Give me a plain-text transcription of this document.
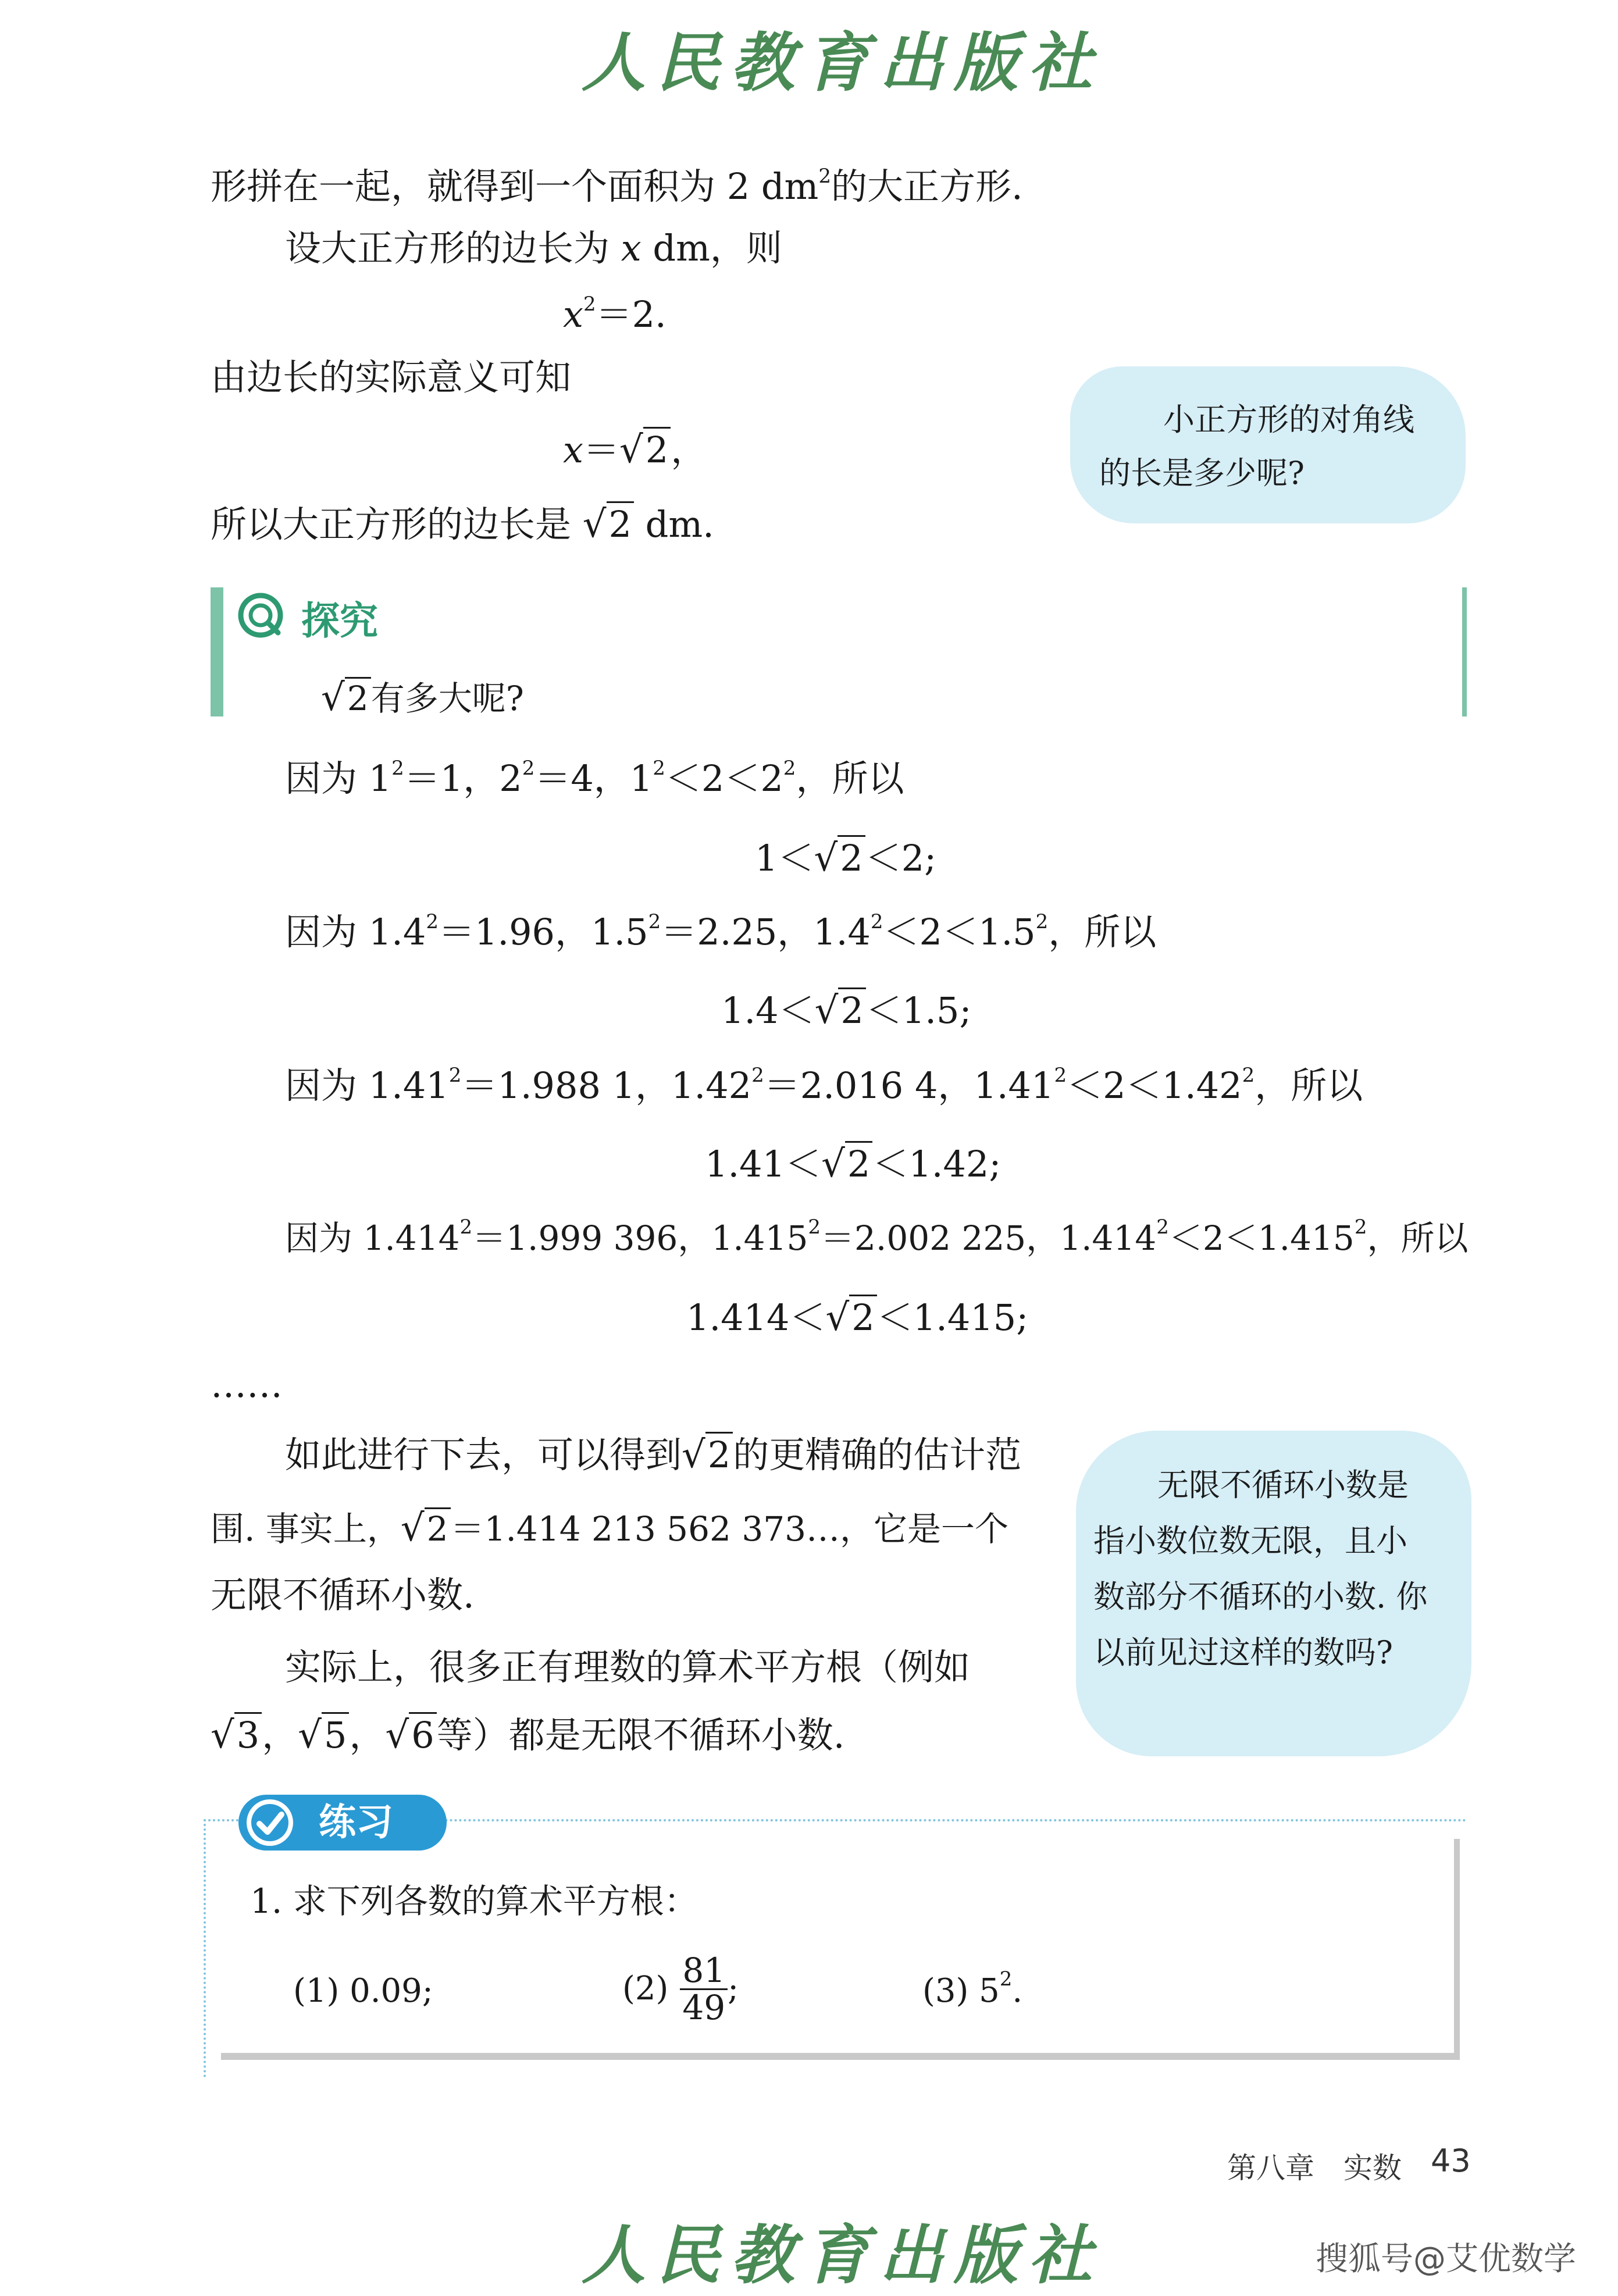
人民教育出版社
形拼在一起，就得到一个面积为 2 $dm^2$的大正方形.
设大正方形的边长为 x dm，则
$x^2=2$.
由边长的实际意义可知
x＝√2，
所以大正方形的边长是 √2 dm.
小正方形的对角线
的长是多少呢?
探究
√2有多大呢?
因为 $1^2=1$，$2^2=4$，$1^2<2<2^2$，所以
1＜√2＜2;
因为 $1.4^2=1.96$，$1.5^2=2.25$，$1.4^2<2<1.5^2$，所以
1.4＜√2＜1.5;
因为 $1.41^2=1.988$ 1，$1.42^2=2.016$ 4，$1.41^2<2<1.42^2$，所以
1.41＜√2＜1.42;
因为 $1.414^2=1.999$ 396，$1.415^2=2.002$ 225，$1.414^2<2<1.415^2$，所以
1.414＜√2＜1.415;
……
如此进行下去，可以得到√2的更精确的估计范
围. 事实上，√2＝1.414 213 562 373…，它是一个
无限不循环小数.
实际上，很多正有理数的算术平方根（例如
√3，√5，√6等）都是无限不循环小数.
无限不循环小数是
指小数位数无限，且小
数部分不循环的小数. 你
以前见过这样的数吗?
练习
1. 求下列各数的算术平方根：
(1) 0.09;	$(2) \frac{81}{49}$ ;	(3) $5^2$.
第八章　实数 43
人民教育出版社	搜狐号@艾优数学
